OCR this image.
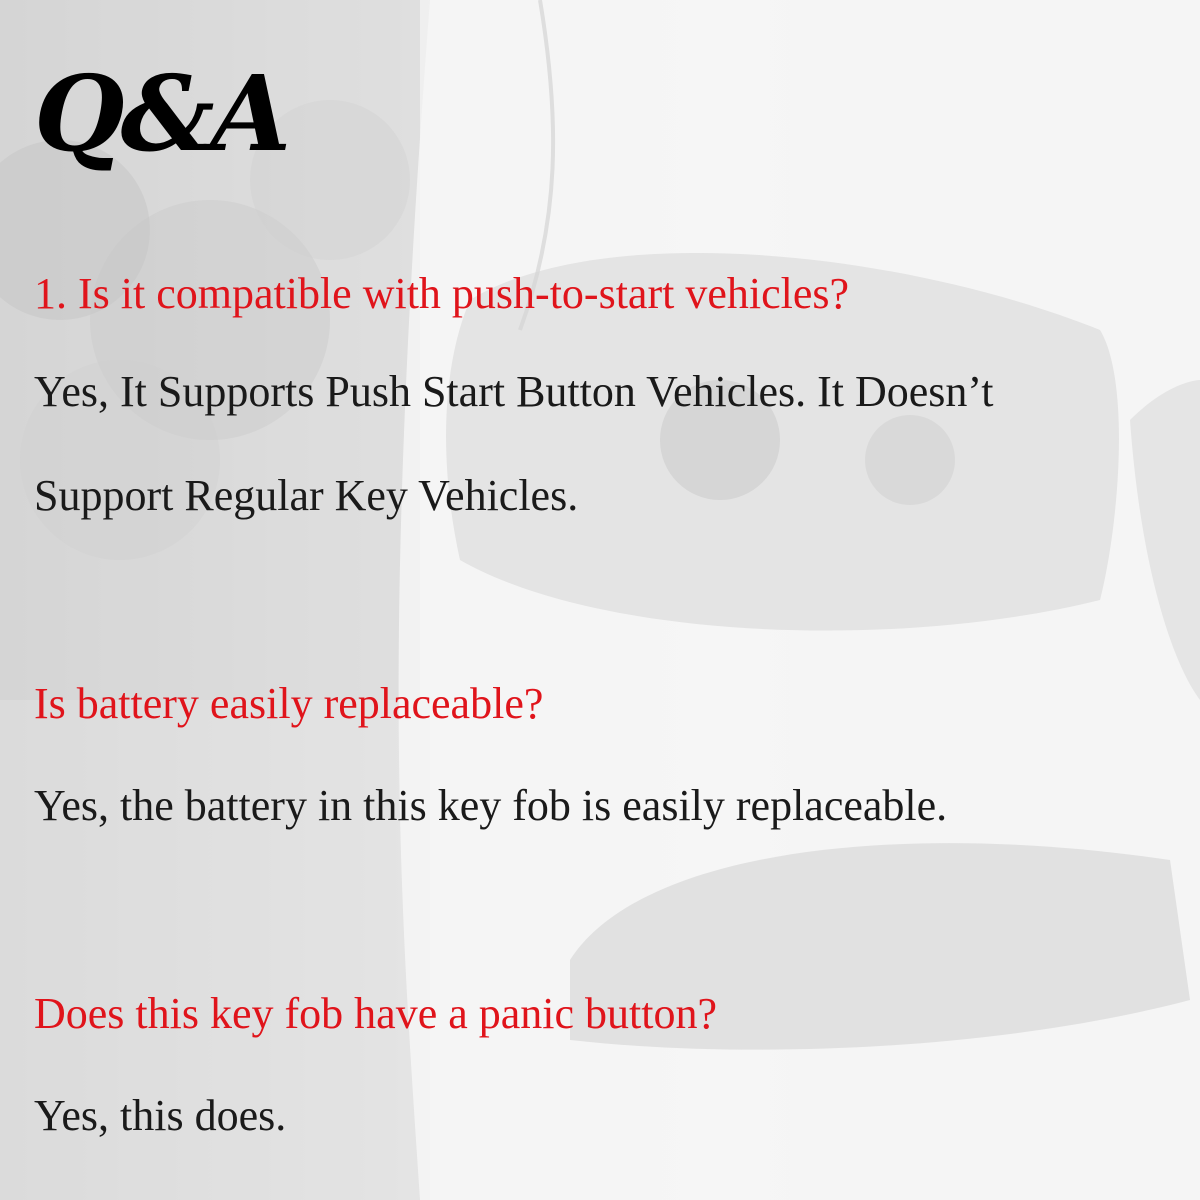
Q&A

1. Is it compatible with push-to-start vehicles?

Yes, It Supports Push Start Button Vehicles. It Doesn’t

Support Regular Key Vehicles.

Is battery easily replaceable?

Yes, the battery in this key fob is easily replaceable.

Does this key fob have a panic button?

Yes, this does.
